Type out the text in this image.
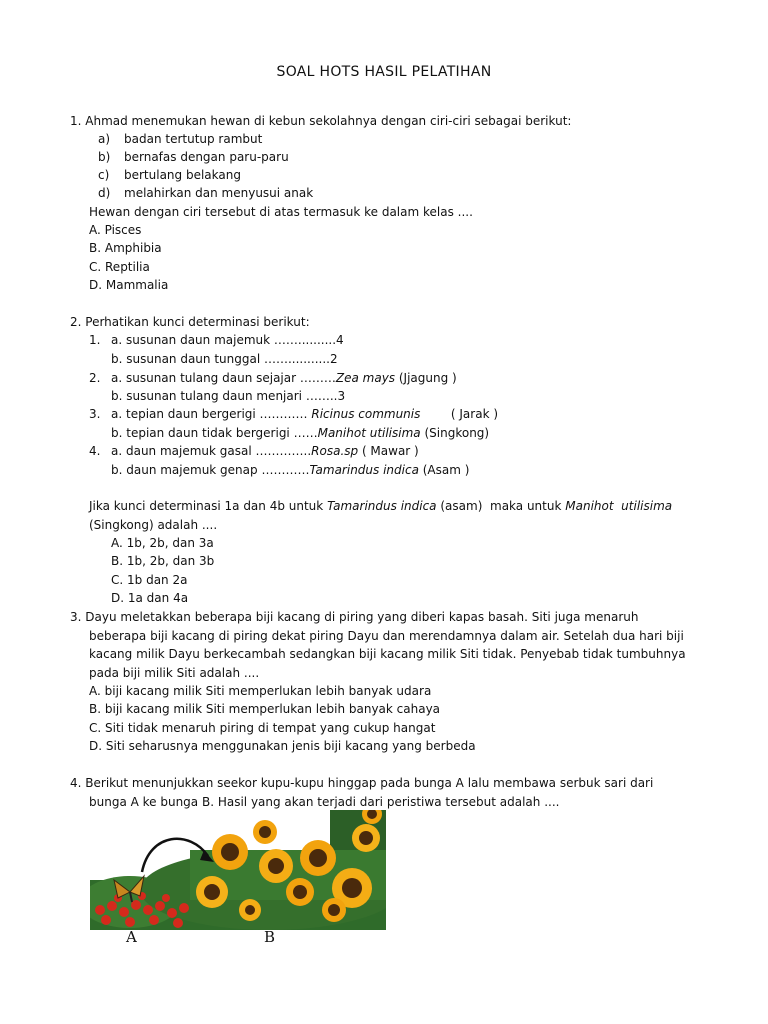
SOAL HOTS HASIL PELATIHAN
1. Ahmad menemukan hewan di kebun sekolahnya dengan ciri-ciri sebagai berikut:
a) badan tertutup rambut
b) bernafas dengan paru-paru
c) bertulang belakang
d) melahirkan dan menyusui anak
Hewan dengan ciri tersebut di atas termasuk ke dalam kelas ....
A. Pisces
B. Amphibia
C. Reptilia
D. Mammalia
2. Perhatikan kunci determinasi berikut:
1. a. susunan daun majemuk ……..........4
b. susunan daun tunggal ……...........2
2. a. susunan tulang daun sejajar ………Zea mays (Jjagung )
b. susunan tulang daun menjari ……..3
3. a. tepian daun bergerigi ………… Ricinus communis        ( Jarak )
b. tepian daun tidak bergerigi ……Manihot utilisima (Singkong)
4. a. daun majemuk gasal …………..Rosa.sp ( Mawar )
b. daun majemuk genap …………Tamarindus indica (Asam )
Jika kunci determinasi 1a dan 4b untuk Tamarindus indica (asam)  maka untuk Manihot  utilisima
(Singkong) adalah ....
A. 1b, 2b, dan 3a
B. 1b, 2b, dan 3b
C. 1b dan 2a
D. 1a dan 4a
3. Dayu meletakkan beberapa biji kacang di piring yang diberi kapas basah. Siti juga menaruh
beberapa biji kacang di piring dekat piring Dayu dan merendamnya dalam air. Setelah dua hari biji
kacang milik Dayu berkecambah sedangkan biji kacang milik Siti tidak. Penyebab tidak tumbuhnya
pada biji milik Siti adalah ....
A. biji kacang milik Siti memperlukan lebih banyak udara
B. biji kacang milik Siti memperlukan lebih banyak cahaya
C. Siti tidak menaruh piring di tempat yang cukup hangat
D. Siti seharusnya menggunakan jenis biji kacang yang berbeda
4. Berikut menunjukkan seekor kupu-kupu hinggap pada bunga A lalu membawa serbuk sari dari
bunga A ke bunga B. Hasil yang akan terjadi dari peristiwa tersebut adalah ....
A	B
